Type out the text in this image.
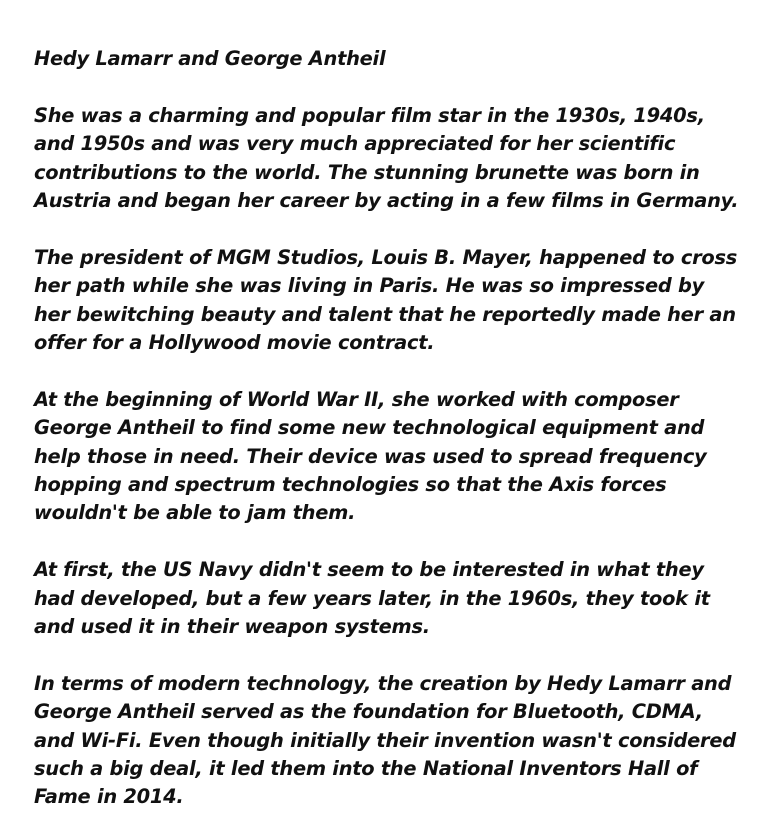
Hedy Lamarr and George Antheil

She was a charming and popular film star in the 1930s, 1940s, and 1950s and was very much appreciated for her scientific contributions to the world. The stunning brunette was born in Austria and began her career by acting in a few films in Germany.

The president of MGM Studios, Louis B. Mayer, happened to cross her path while she was living in Paris. He was so impressed by her bewitching beauty and talent that he reportedly made her an offer for a Hollywood movie contract.

At the beginning of World War II, she worked with composer George Antheil to find some new technological equipment and help those in need. Their device was used to spread frequency hopping and spectrum technologies so that the Axis forces wouldn't be able to jam them.

At first, the US Navy didn't seem to be interested in what they had developed, but a few years later, in the 1960s, they took it and used it in their weapon systems.

In terms of modern technology, the creation by Hedy Lamarr and George Antheil served as the foundation for Bluetooth, CDMA, and Wi-Fi. Even though initially their invention wasn't considered such a big deal, it led them into the National Inventors Hall of Fame in 2014.
